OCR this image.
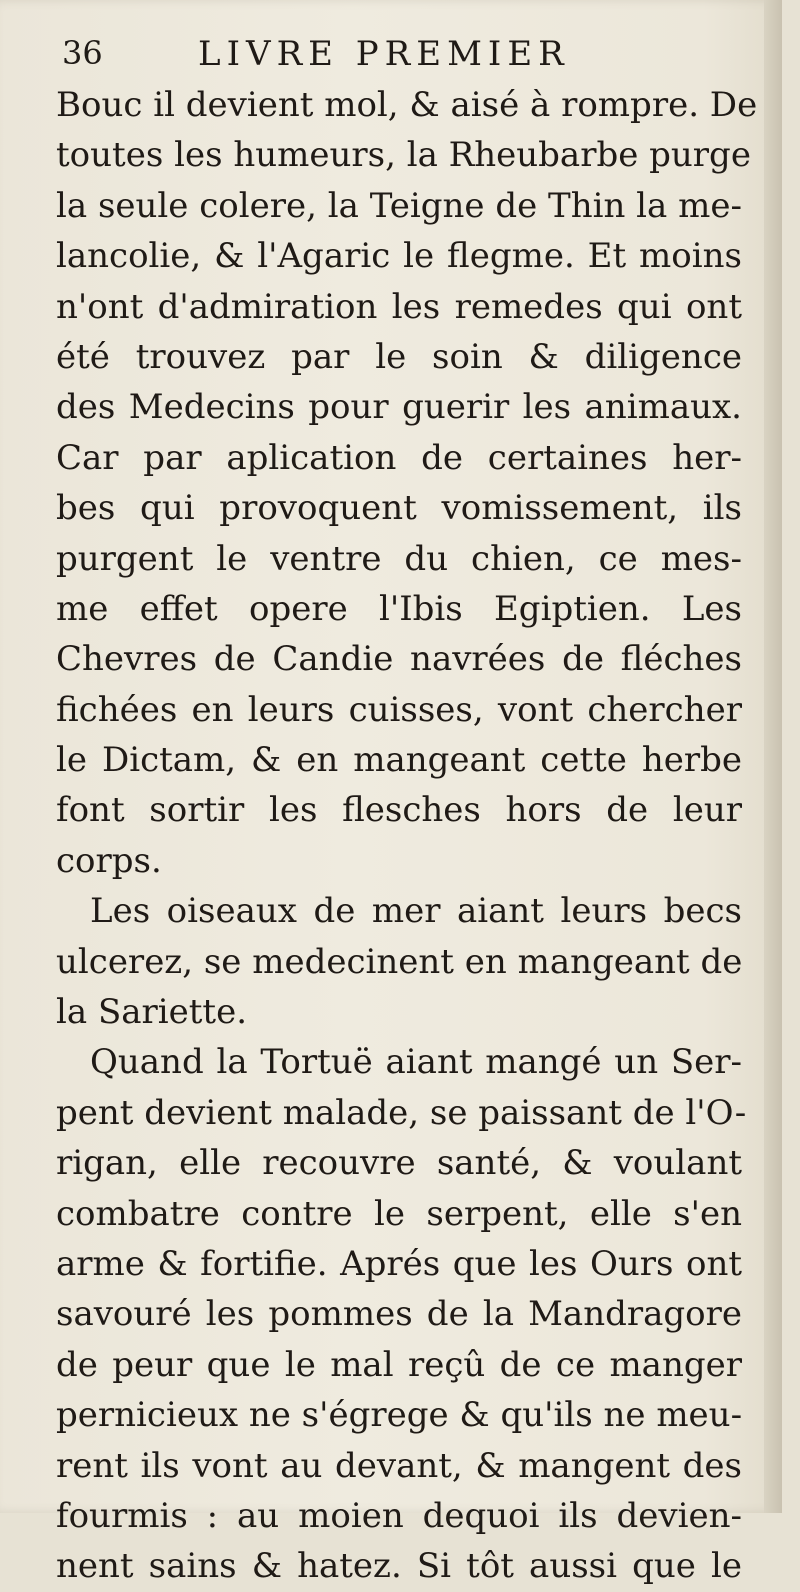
36	LIVRE PREMIER
Bouc il devient mol, & aisé à rompre. De
toutes les humeurs, la Rheubarbe purge
la seule colere, la Teigne de Thin la me-
lancolie, & l'Agaric le flegme. Et moins
n'ont d'admiration les remedes qui ont
été trouvez par le soin & diligence
des Medecins pour guerir les animaux.
Car par aplication de certaines her-
bes qui provoquent vomissement, ils
purgent le ventre du chien, ce mes-
me effet opere l'Ibis Egiptien. Les
Chevres de Candie navrées de fléches
fichées en leurs cuisses, vont chercher
le Dictam, & en mangeant cette herbe
font sortir les flesches hors de leur
corps.
Les oiseaux de mer aiant leurs becs
ulcerez, se medecinent en mangeant de
la Sariette.
Quand la Tortuë aiant mangé un Ser-
pent devient malade, se paissant de l'O-
rigan, elle recouvre santé, & voulant
combatre contre le serpent, elle s'en
arme & fortifie. Aprés que les Ours ont
savouré les pommes de la Mandragore
de peur que le mal reçû de ce manger
pernicieux ne s'égrege & qu'ils ne meu-
rent ils vont au devant, & mangent des
fourmis : au moien dequoi ils devien-
nent sains & hatez. Si tôt aussi que le
